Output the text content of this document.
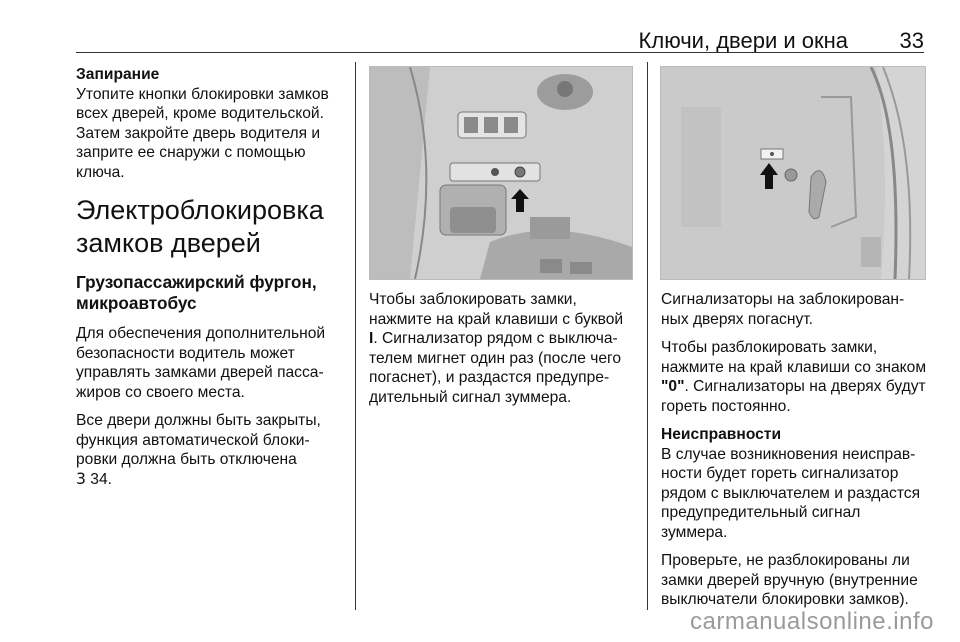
Ключи, двери и окна 33
Запирание

Утопите кнопки блокировки замков всех дверей, кроме водительской. Затем закройте дверь водителя и заприте ее снаружи с помощью ключа.

Электроблокировка замков дверей
Грузопассажирский фургон, микроавтобус

Для обеспечения дополнительной безопасности водитель может управлять замками дверей пасса-жиров со своего места.

Все двери должны быть закрыты, функция автоматической блоки-ровки должна быть отключена

3 34.

Чтобы заблокировать замки, нажмите на край клавиши с буквой I. Сигнализатор рядом с выключа-телем мигнет один раз (после чего погаснет), и раздастся предупре-дительный сигнал зуммера.

Сигнализаторы на заблокирован-ных дверях погаснут.

Чтобы разблокировать замки, нажмите на край клавиши со знаком "0". Сигнализаторы на дверях будут гореть постоянно.

Неисправности

В случае возникновения неисправ-ности будет гореть сигнализатор рядом с выключателем и раздастся предупредительный сигнал зуммера.

Проверьте, не разблокированы ли замки дверей вручную (внутренние выключатели блокировки замков).

carmanualsonline.info
